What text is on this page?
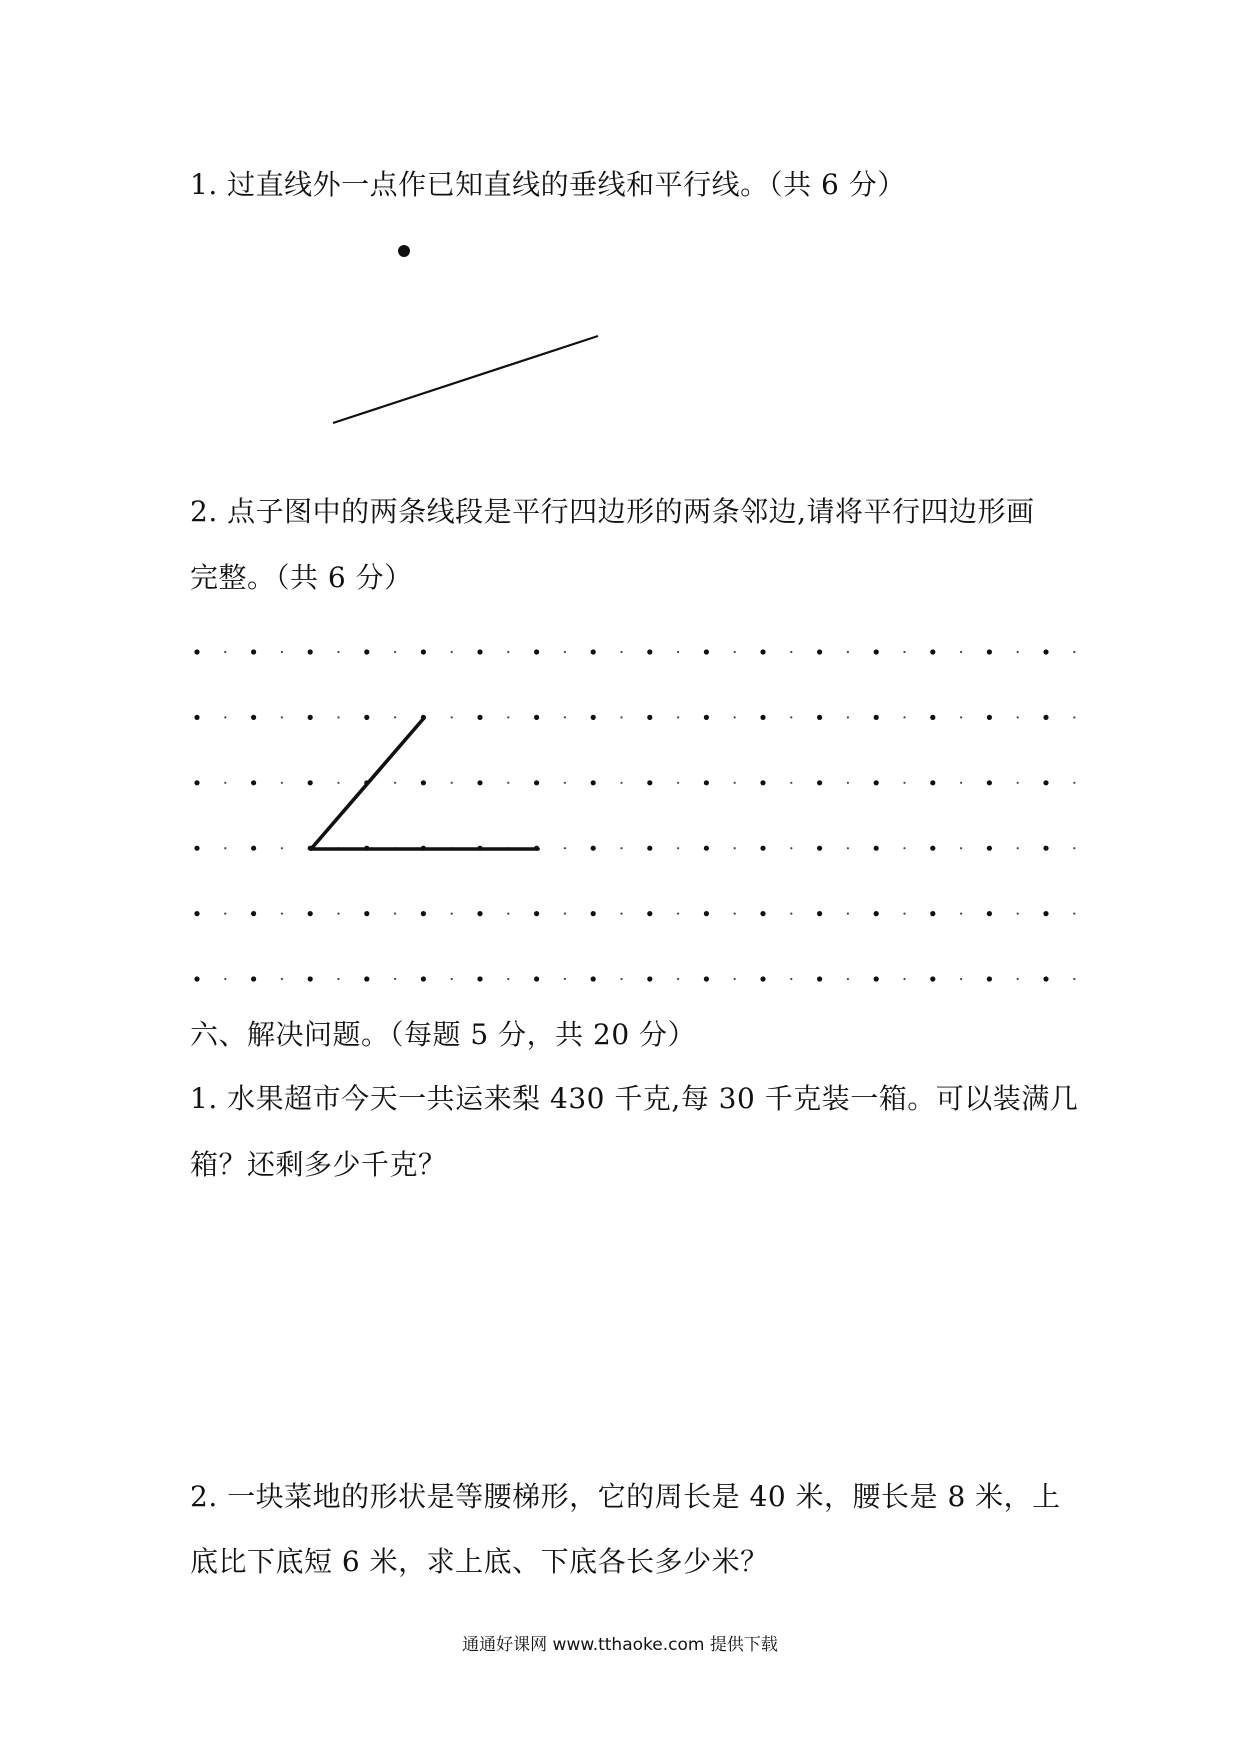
1. 过直线外一点作已知直线的垂线和平行线。（共 6 分）
2. 点子图中的两条线段是平行四边形的两条邻边,请将平行四边形画
完整。（共 6 分）
六、解决问题。（每题 5 分，共 20 分）
1. 水果超市今天一共运来梨 430 千克,每 30 千克装一箱。可以装满几
箱？还剩多少千克？
2. 一块菜地的形状是等腰梯形，它的周长是 40 米，腰长是 8 米，上
底比下底短 6 米，求上底、下底各长多少米？
通通好课网 www.tthaoke.com 提供下载
